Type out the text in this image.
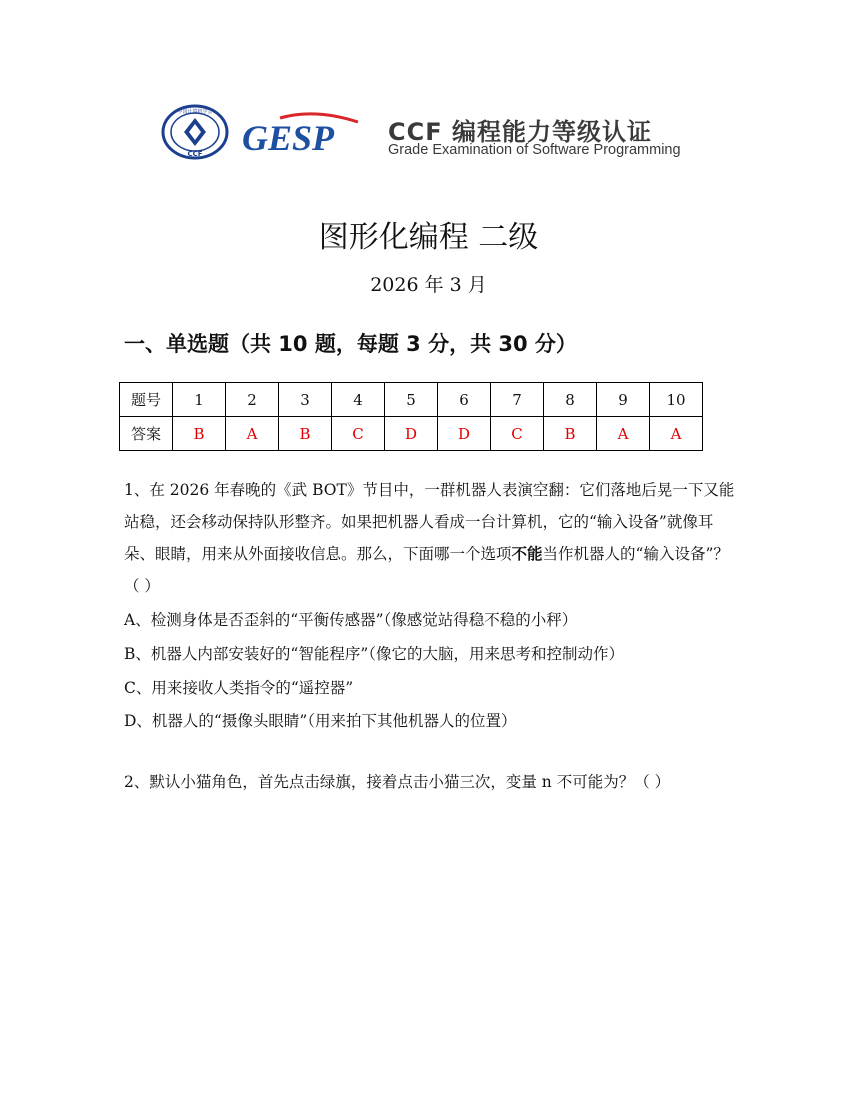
中国计算机学会
CCF GESP CCF 编程能力等级认证
Grade Examination of Software Programming
图形化编程 二级
2026 年 3 月
一、单选题（共 10 题，每题 3 分，共 30 分）
题号	1	2	3	4	5	6	7	8	9	10
答案	B	A	B	C	D	D	C	B	A	A
1、在 2026 年春晚的《武 BOT》节目中，一群机器人表演空翻：它们落地后晃一下又能站稳，还会移动保持队形整齐。如果把机器人看成一台计算机，它的“输入设备”就像耳朵、眼睛，用来从外面接收信息。那么，下面哪一个选项不能当作机器人的“输入设备”？（ ）
A、检测身体是否歪斜的“平衡传感器”（像感觉站得稳不稳的小秤）
B、机器人内部安装好的“智能程序”（像它的大脑，用来思考和控制动作）
C、用来接收人类指令的“遥控器”
D、机器人的“摄像头眼睛”（用来拍下其他机器人的位置）
2、默认小猫角色，首先点击绿旗，接着点击小猫三次，变量 n 不可能为？（ ）
